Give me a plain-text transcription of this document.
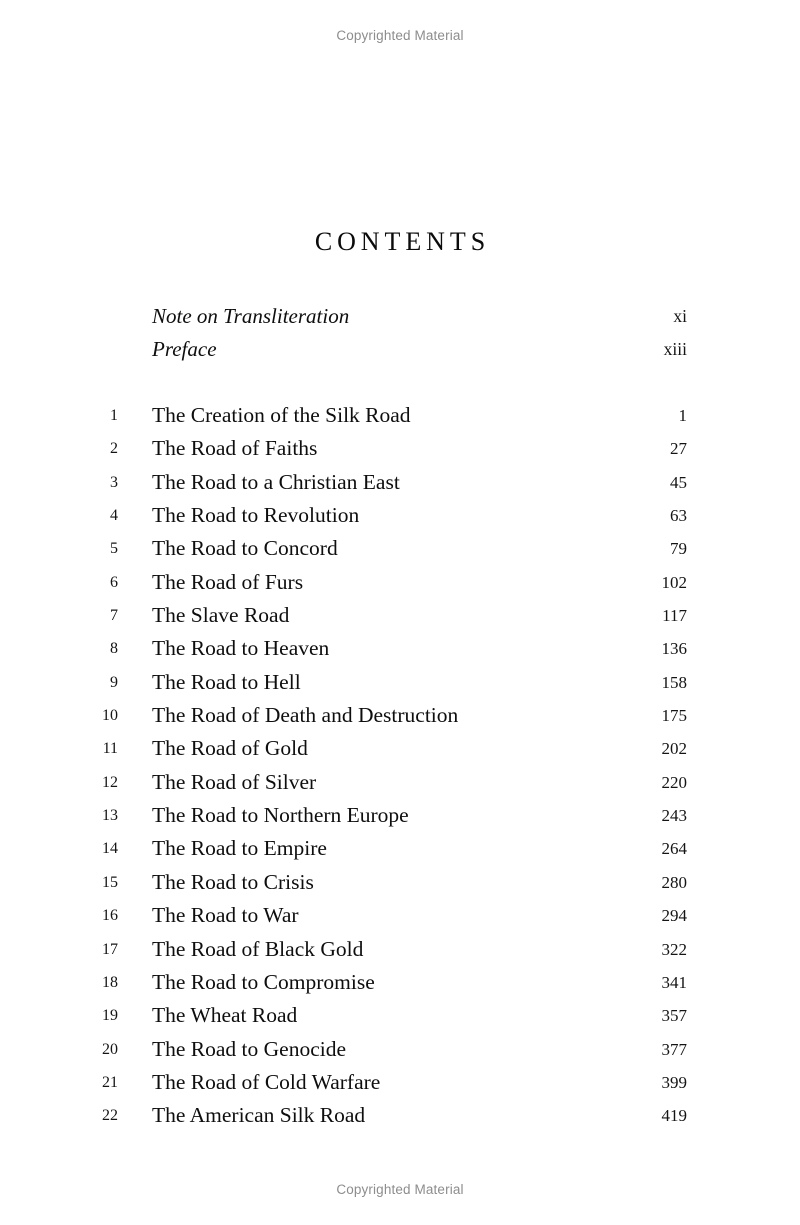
Copyrighted Material
CONTENTS
Note on Transliteration	xi
Preface	xiii
1 The Creation of the Silk Road	1
2 The Road of Faiths	27
3 The Road to a Christian East	45
4 The Road to Revolution	63
5 The Road to Concord	79
6 The Road of Furs	102
7 The Slave Road	117
8 The Road to Heaven	136
9 The Road to Hell	158
10 The Road of Death and Destruction	175
11 The Road of Gold	202
12 The Road of Silver	220
13 The Road to Northern Europe	243
14 The Road to Empire	264
15 The Road to Crisis	280
16 The Road to War	294
17 The Road of Black Gold	322
18 The Road to Compromise	341
19 The Wheat Road	357
20 The Road to Genocide	377
21 The Road of Cold Warfare	399
22 The American Silk Road	419
Copyrighted Material
